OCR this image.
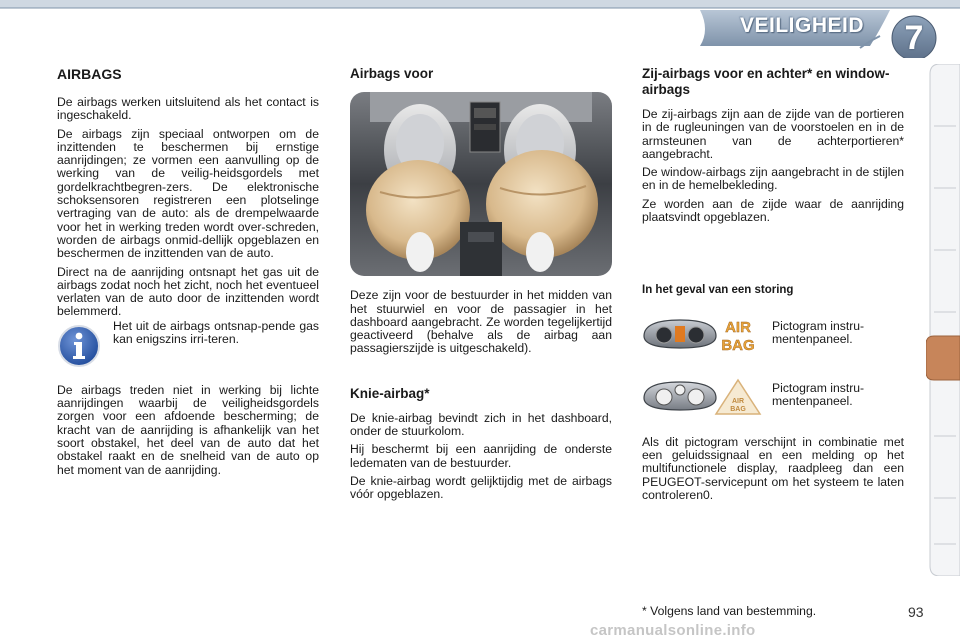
VEILIGHEID	7
AIRBAGS

De airbags werken uitsluitend als het contact is ingeschakeld.

De airbags zijn speciaal ontworpen om de inzittenden te beschermen bij ernstige aanrijdingen; ze vormen een aanvulling op de werking van de veilig-heidsgordels met gordelkrachtbegren-zers. De elektronische schoksensoren registreren een plotselinge vertraging van de auto: als de drempelwaarde voor het in werking treden wordt over-schreden, worden de airbags onmid-dellijk opgeblazen en beschermen de inzittenden van de auto.

Direct na de aanrijding ontsnapt het gas uit de airbags zodat noch het zicht, noch het eventueel verlaten van de auto door de inzittenden wordt belemmerd.

Het uit de airbags ontsnap-pende gas kan enigszins irri-teren.

De airbags treden niet in werking bij lichte aanrijdingen waarbij de veiligheidsgordels zorgen voor een afdoende bescherming; de kracht van de aanrijding is afhankelijk van het soort obstakel, het deel van de auto dat het obstakel raakt en de snelheid van de auto op het moment van de aanrijding.

Airbags voor

Deze zijn voor de bestuurder in het midden van het stuurwiel en voor de passagier in het dashboard aangebracht. Ze worden tegelijkertijd geactiveerd (behalve als de airbag aan passagierszijde is uitgeschakeld).

Knie-airbag*

De knie-airbag bevindt zich in het dashboard, onder de stuurkolom.

Hij beschermt bij een aanrijding de onderste ledematen van de bestuurder.

De knie-airbag wordt gelijktijdig met de airbags vóór opgeblazen.

Zij-airbags voor en achter* en window-airbags

De zij-airbags zijn aan de zijde van de portieren in de rugleuningen van de voorstoelen en in de armsteunen van de achterportieren* aangebracht.

De window-airbags zijn aangebracht in de stijlen en in de hemelbekleding.

Ze worden aan de zijde waar de aanrijding plaatsvindt opgeblazen.

In het geval van een storing
AIR
BAG
Pictogram instru-mentenpaneel.
AIR
BAG
Pictogram instru-mentenpaneel.

Als dit pictogram verschijnt in combinatie met een geluidssignaal en een melding op het multifunctionele display, raadpleeg dan een PEUGEOT-servicepunt om het systeem te laten controleren0.

* Volgens land van bestemming.	93
carmanualsonline.info
